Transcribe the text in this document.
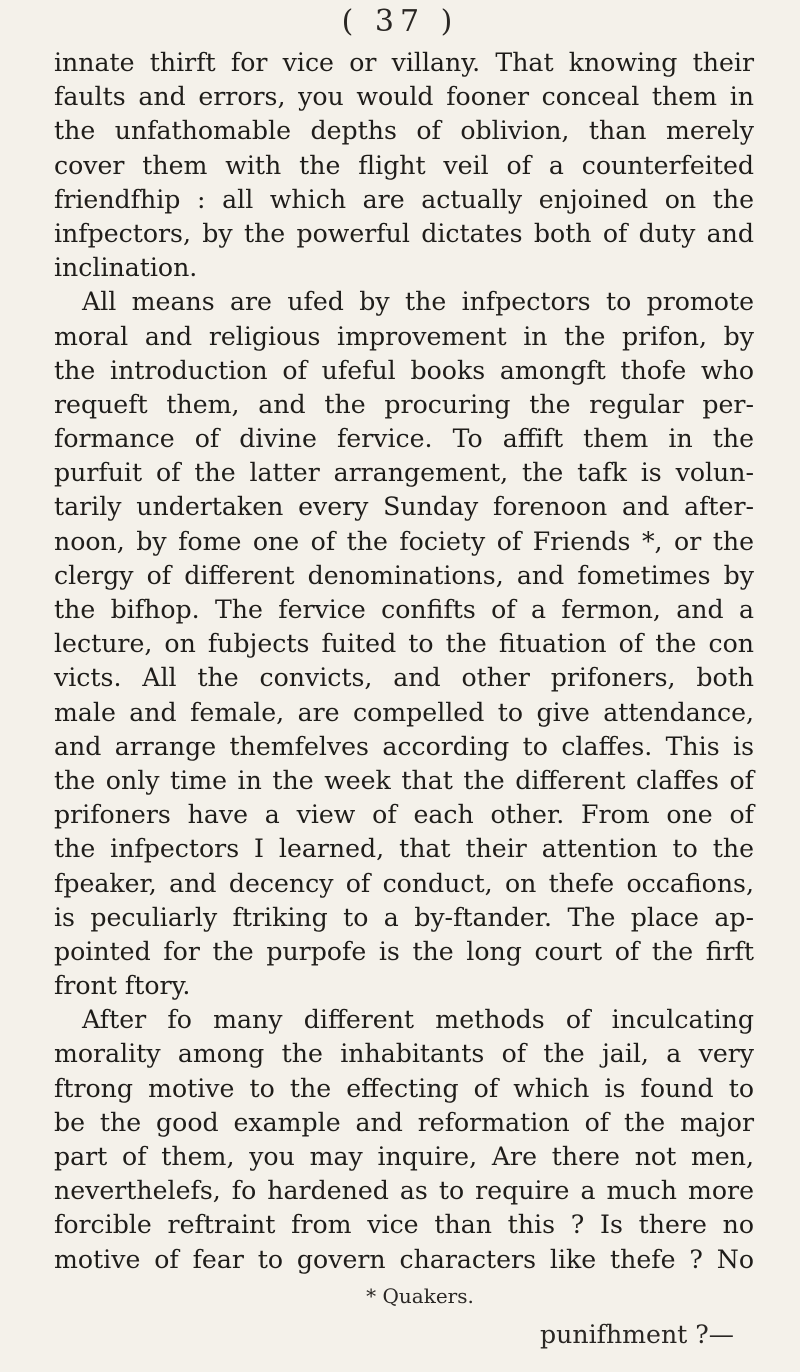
( 37 )
innate thirft for vice or villany. That knowing their
faults and errors, you would fooner conceal them in
the unfathomable depths of oblivion, than merely
cover them with the flight veil of a counterfeited
friendfhip : all which are actually enjoined on the
infpectors, by the powerful dictates both of duty and
inclination.
All means are ufed by the infpectors to promote
moral and religious improvement in the prifon, by
the introduction of ufeful books amongft thofe who
requeft them, and the procuring the regular per-
formance of divine fervice. To affift them in the
purfuit of the latter arrangement, the tafk is volun-
tarily undertaken every Sunday forenoon and after-
noon, by fome one of the fociety of Friends *, or the
clergy of different denominations, and fometimes by
the bifhop. The fervice confifts of a fermon, and a
lecture, on fubjects fuited to the fituation of the con
victs. All the convicts, and other prifoners, both
male and female, are compelled to give attendance,
and arrange themfelves according to claffes. This is
the only time in the week that the different claffes of
prifoners have a view of each other. From one of
the infpectors I learned, that their attention to the
fpeaker, and decency of conduct, on thefe occafions,
is peculiarly ftriking to a by-ftander. The place ap-
pointed for the purpofe is the long court of the firft
front ftory.
After fo many different methods of inculcating
morality among the inhabitants of the jail, a very
ftrong motive to the effecting of which is found to
be the good example and reformation of the major
part of them, you may inquire, Are there not men,
neverthelefs, fo hardened as to require a much more
forcible reftraint from vice than this ? Is there no
motive of fear to govern characters like thefe ? No
* Quakers.
punifhment ?—
